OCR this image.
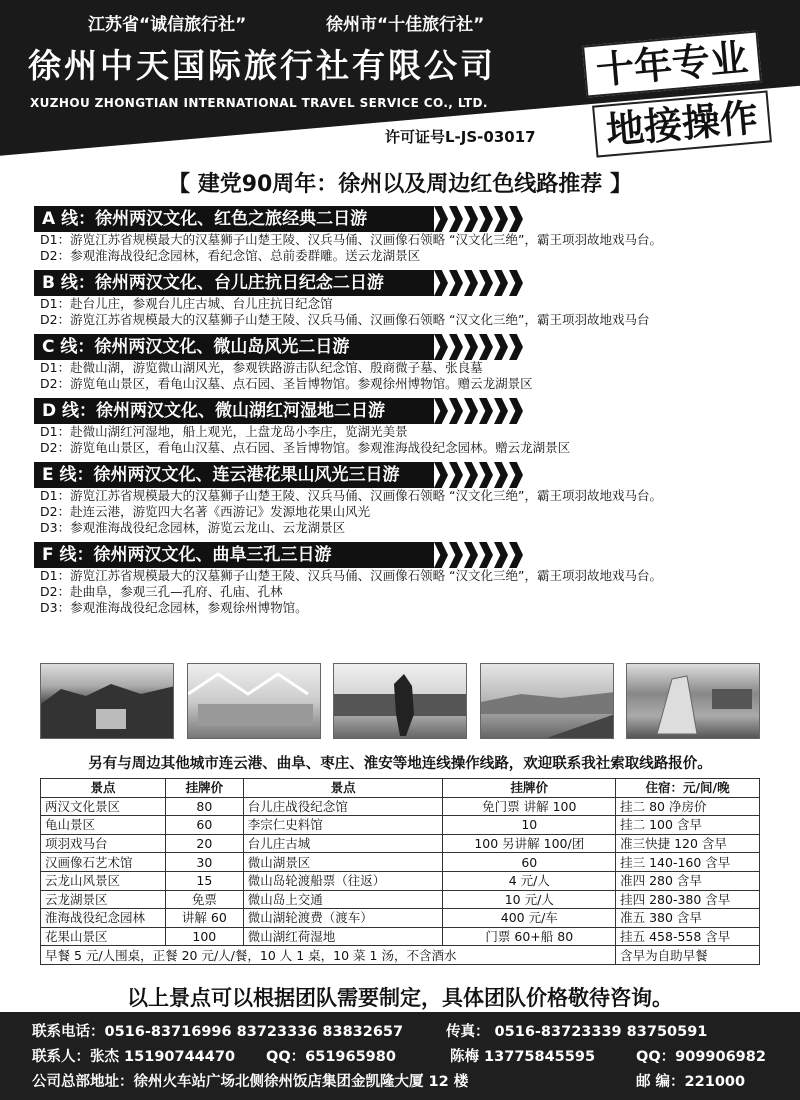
江苏省“诚信旅行社”	徐州市“十佳旅行社”
徐州中天国际旅行社有限公司
XUZHOU ZHONGTIAN INTERNATIONAL TRAVEL SERVICE CO., LTD.
许可证号L-JS-03017
十年专业
地接操作
【 建党90周年：徐州以及周边红色线路推荐 】
A 线：徐州两汉文化、红色之旅经典二日游
D1：游览江苏省规模最大的汉墓狮子山楚王陵、汉兵马俑、汉画像石领略 “汉文化三绝”，霸王项羽故地戏马台。
D2：参观淮海战役纪念园林，看纪念馆、总前委群雕。送云龙湖景区
B 线：徐州两汉文化、台儿庄抗日纪念二日游
D1：赴台儿庄，参观台儿庄古城、台儿庄抗日纪念馆
D2：游览江苏省规模最大的汉墓狮子山楚王陵、汉兵马俑、汉画像石领略 “汉文化三绝”，霸王项羽故地戏马台
C 线：徐州两汉文化、微山岛风光二日游
D1：赴微山湖，游览微山湖风光，参观铁路游击队纪念馆、殷商微子墓、张良墓
D2：游览龟山景区，看龟山汉墓、点石园、圣旨博物馆。参观徐州博物馆。赠云龙湖景区
D 线：徐州两汉文化、微山湖红河湿地二日游
D1：赴微山湖红河湿地，船上观光，上盘龙岛小李庄，览湖光美景
D2：游览龟山景区，看龟山汉墓、点石园、圣旨博物馆。参观淮海战役纪念园林。赠云龙湖景区
E 线：徐州两汉文化、连云港花果山风光三日游
D1：游览江苏省规模最大的汉墓狮子山楚王陵、汉兵马俑、汉画像石领略 “汉文化三绝”，霸王项羽故地戏马台。
D2：赴连云港，游览四大名著《西游记》发源地花果山风光
D3：参观淮海战役纪念园林，游览云龙山、云龙湖景区
F 线：徐州两汉文化、曲阜三孔三日游
D1：游览江苏省规模最大的汉墓狮子山楚王陵、汉兵马俑、汉画像石领略 “汉文化三绝”，霸王项羽故地戏马台。
D2：赴曲阜，参观三孔—孔府、孔庙、孔林
D3：参观淮海战役纪念园林，参观徐州博物馆。
另有与周边其他城市连云港、曲阜、枣庄、淮安等地连线操作线路，欢迎联系我社索取线路报价。
景点	挂牌价	景点	挂牌价	住宿：元/间/晚
两汉文化景区	80	台儿庄战役纪念馆	免门票 讲解 100	挂二 80 净房价
龟山景区	60	李宗仁史料馆	10	挂二 100 含早
项羽戏马台	20	台儿庄古城	100 另讲解 100/团	准三快捷 120 含早
汉画像石艺术馆	30	微山湖景区	60	挂三 140-160 含早
云龙山风景区	15	微山岛轮渡船票（往返）	4 元/人	准四 280 含早
云龙湖景区	免票	微山岛上交通	10 元/人	挂四 280-380 含早
淮海战役纪念园林	讲解 60	微山湖轮渡费（渡车）	400 元/车	准五 380 含早
花果山景区	100	微山湖红荷湿地	门票 60+船 80	挂五 458-558 含早
早餐 5 元/人围桌，正餐 20 元/人/餐，10 人 1 桌，10 菜 1 汤，不含酒水				含早为自助早餐
以上景点可以根据团队需要制定，具体团队价格敬待咨询。
联系电话：0516-83716996 83723336 83832657	传真： 0516-83723339 83750591
联系人：张杰 15190744470 QQ：651965980	陈梅 13775845595	QQ：909906982
公司总部地址：徐州火车站广场北侧徐州饭店集团金凯隆大厦 12 楼	邮 编：221000
